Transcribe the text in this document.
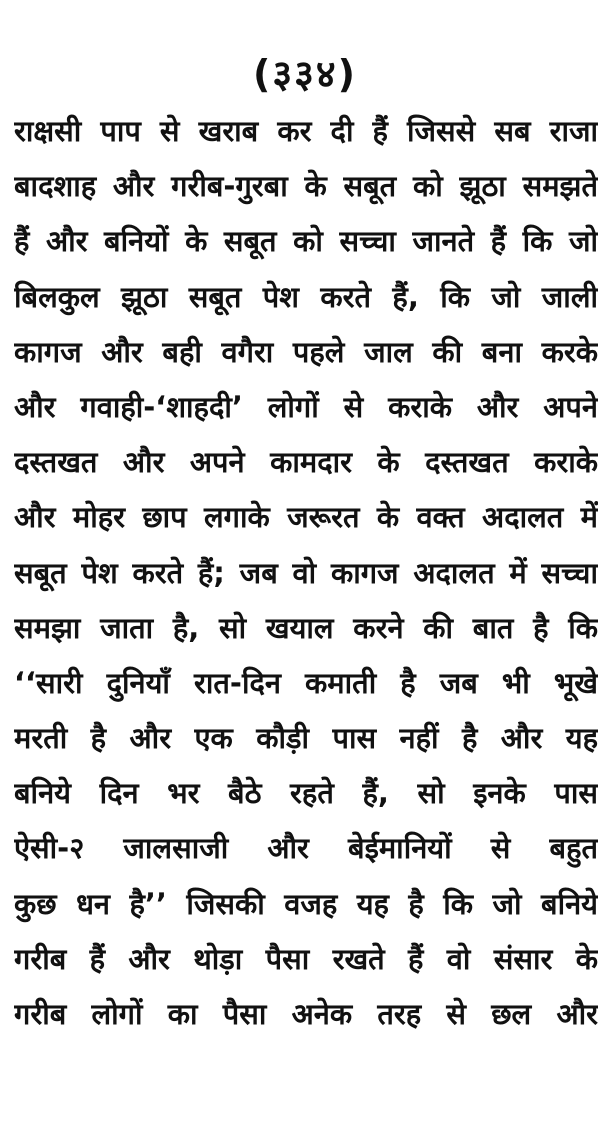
(३३४)
राक्षसी पाप से खराब कर दी हैं जिससे सब राजा
बादशाह और गरीब-गुरबा के सबूत को झूठा समझते
हैं और बनियों के सबूत को सच्चा जानते हैं कि जो
बिलकुल झूठा सबूत पेश करते हैं, कि जो जाली
कागज और बही वगैरा पहले जाल की बना करके
और गवाही-‘शाहदी’ लोगों से कराके और अपने
दस्तखत और अपने कामदार के दस्तखत कराके
और मोहर छाप लगाके जरूरत के वक्त अदालत में
सबूत पेश करते हैं; जब वो कागज अदालत में सच्चा
समझा जाता है, सो खयाल करने की बात है कि
‘‘सारी दुनियाँ रात-दिन कमाती है जब भी भूखे
मरती है और एक कौड़ी पास नहीं है और यह
बनिये दिन भर बैठे रहते हैं, सो इनके पास
ऐसी-२ जालसाजी और बेईमानियों से बहुत
कुछ धन है’’ जिसकी वजह यह है कि जो बनिये
गरीब हैं और थोड़ा पैसा रखते हैं वो संसार के
गरीब लोगों का पैसा अनेक तरह से छल और
